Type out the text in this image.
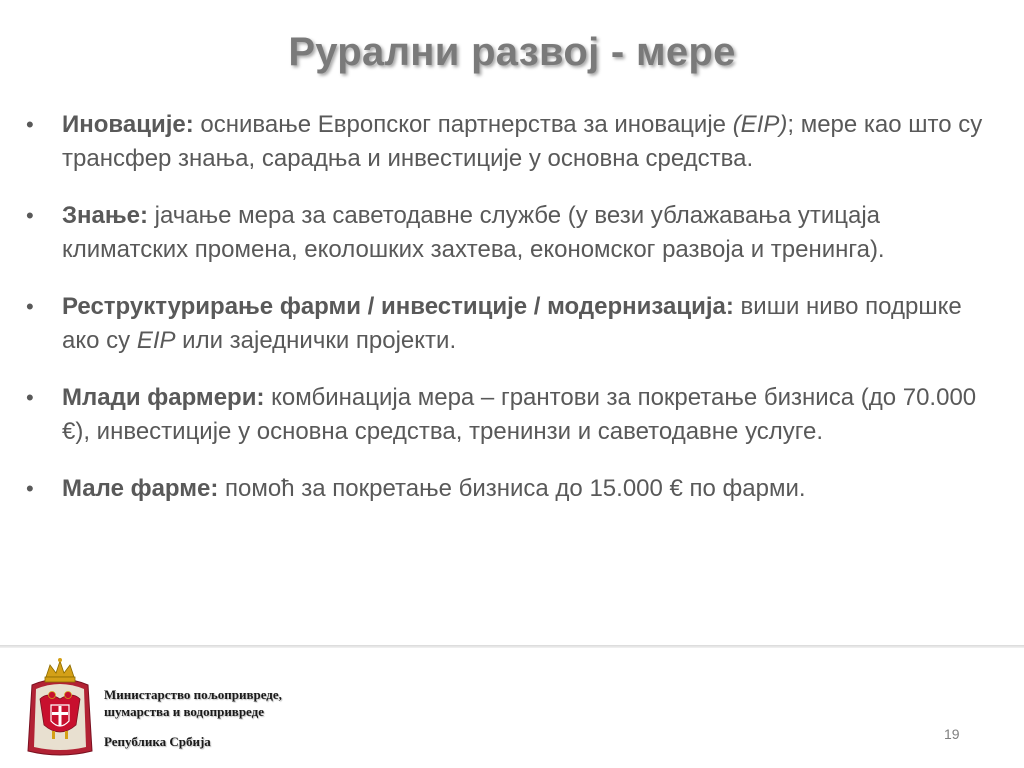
Рурални развој - мере
• Иновације: оснивање Европског партнерства за иновације (EIP); мере као што су трансфер знања, сарадња и инвестиције у основна средства.
• Знање: јачање мера за саветодавне службе (у вези ублажавања утицаја климатских промена, еколошких захтева, економског развоја и тренинга).
• Реструктурирање фарми / инвестиције / модернизација: виши ниво подршке ако су EIP или заједнички пројекти.
• Млади фармери: комбинација мера – грантови за покретање бизниса (до 70.000 €), инвестиције у основна средства, тренинзи и саветодавне услуге.
• Мале фарме: помоћ за покретање бизниса до 15.000 € по фарми.
Министарство пољопривреде,
шумарства и водопривреде
Република Србија	19
